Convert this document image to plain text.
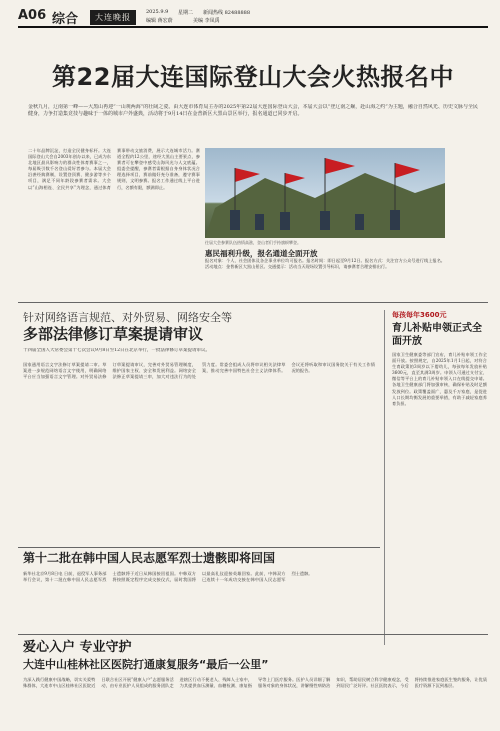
A06 综合	大连晚报
2025.9.9 星期二 新闻热线 82488888
编辑 蒋宏蔚	美编 李凤禹
第22届大连国际登山大会火热报名中
金秋九月，辽南第一峰——大黑山再迎“一山观两海”的壮阔之姿。由大连市体育局主办的2025年第22届大连国际登山大会，本届大会以“登辽南之巅，赴山海之约”为主题，融合自然风光、历史文脉与全民健身，力争打造集竞技与趣味于一体的城市户外盛典，活动将于9月14日在金普新区大黑山景区举行，报名通道已同步开启。
二十年品牌沉淀，打造全民健身标杆。大连国际登山大会自2003年创办以来，已成为东北地区最具影响力的群众性体育赛事之一，每届吸引数千名登山爱好者参与。本届大会沿袭经典赛制，设置登顶赛、健步游等多个项目，满足不同年龄段参赛者需求。大会以“山海相连、全民共享”为理念，通过体育赛事带动文旅消费，展示大连城市活力。赛道全程约12公里，途经大黑山主要景点，参赛者可在攀登中感受山海风光与人文底蕴。组委会提醒，参赛者需根据自身身体状况合理选择项目，赛前做好充分准备，遵守赛事规则，文明参赛。报名工作通过线上平台进行，名额有限，额满即止。
往届大会参赛队伍热情高涨，登山者们手持旗帜攀登。
惠民福利升级，报名通道全面开放
报名对象：个人、社会团体及各企事业单位均可报名。报名时间：即日起至9月12日。报名方式：关注官方公众号进行线上报名。活动地点：金普新区大黑山景区。交通提示：活动当天现场设置引导标识，请参赛者合理安排出行。
针对网络语言规范、对外贸易、网络安全等
多部法律修订草案提请审议
十四届全国人大常委会第十七次会议9月8日至12日在北京举行，一批法律修订草案提请审议。
国家通用语言文字法修订草案提请二审。草案进一步规范网络语言文字使用，明确网络平台应当加强语言文字管理。对外贸易法修订草案提请审议，完善对外贸易管理制度，维护国家主权、安全和发展利益。网络安全法修正草案提请三审，加大对违法行为的处罚力度。常委会组成人员将审议相关法律草案，推动完善中国特色社会主义法律体系。会议还将听取和审议国务院关于有关工作情况的报告。
第十二批在韩中国人民志愿军烈士遗骸即将回国
新华社北京9月8日电 日前，退役军人事务部举行会议，第十二批在韩中国人民志愿军烈士遗骸将于近日从韩国接回祖国。中韩双方将按照既定程序完成交接仪式，届时我国将以最高礼仪迎接英雄回家。此前，中韩双方已连续十一年成功交接在韩中国人民志愿军烈士遗骸。
每孩每年3600元
育儿补贴申领正式全面开放
国家卫生健康委等部门宣布，育儿补贴申领工作全面开放。按照规定，自2025年1月1日起，对符合生育政策的3周岁以下婴幼儿，每孩每年发放补贴3600元，直至其满3周岁。申领人可通过支付宝、微信等平台上的育儿补贴申领入口在线提交申请。各地卫生健康部门将加强审核，确保补贴及时足额发放到位。政策覆盖面广，惠及千万家庭，是促进人口长期均衡发展的重要举措，有助于减轻家庭养育负担。
爱心入户 专业守护
大连中山桂林社区医院打通康复服务“最后一公里”
为深入践行健康中国战略，切实关爱特殊群体，大连市中山区桂林社区医院近日联合社区开展“健康入户”志愿服务活动，由专业医护人员组成的服务团队走进辖区行动不便老人、残障人士家中，为其提供血压测量、血糖检测、康复指导等上门医疗服务。医护人员详细了解服务对象的身体状况，讲解慢性病防治知识，帮助居民树立科学健康观念，受到居民广泛好评。社区医院表示，今后将持续推进家庭医生签约服务，让优质医疗资源下沉到基层。
